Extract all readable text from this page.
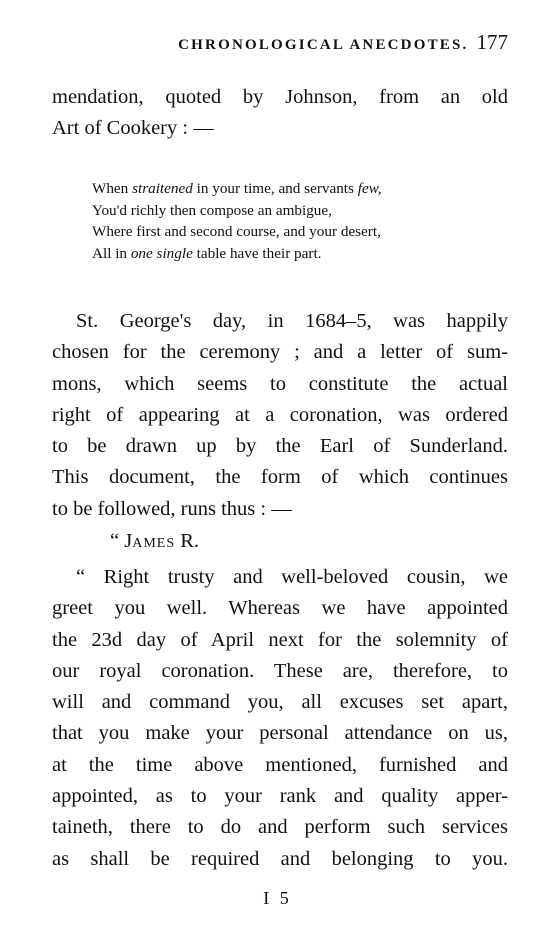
CHRONOLOGICAL ANECDOTES. 177
mendation, quoted by Johnson, from an old
Art of Cookery : —
When straitened in your time, and servants few,
You'd richly then compose an ambigue,
Where first and second course, and your desert,
All in one single table have their part.
St. George's day, in 1684–5, was happily
chosen for the ceremony ; and a letter of sum-
mons, which seems to constitute the actual
right of appearing at a coronation, was ordered
to be drawn up by the Earl of Sunderland.
This document, the form of which continues
to be followed, runs thus : —
“ James R.
“ Right trusty and well-beloved cousin, we
greet you well. Whereas we have appointed
the 23d day of April next for the solemnity of
our royal coronation. These are, therefore, to
will and command you, all excuses set apart,
that you make your personal attendance on us,
at the time above mentioned, furnished and
appointed, as to your rank and quality apper-
taineth, there to do and perform such services
as shall be required and belonging to you.
I 5
